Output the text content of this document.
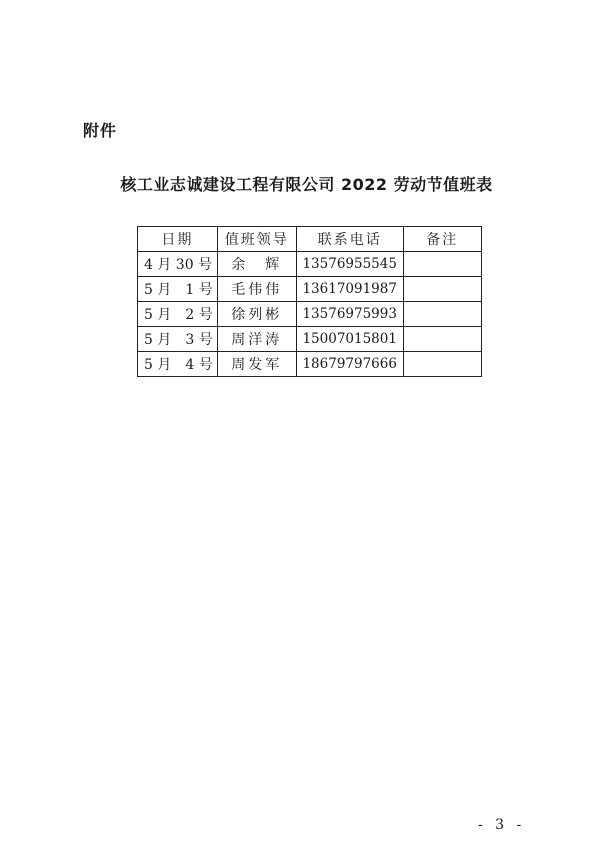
附件
核工业志诚建设工程有限公司 2022 劳动节值班表
日期	值班领导	联系电话	备注
4 月 30 号	余　辉	13576955545	
5 月　1 号	毛伟伟	13617091987	
5 月　2 号	徐列彬	13576975993	
5 月　3 号	周洋涛	15007015801	
5 月　4 号	周发军	18679797666	
- 3 -
